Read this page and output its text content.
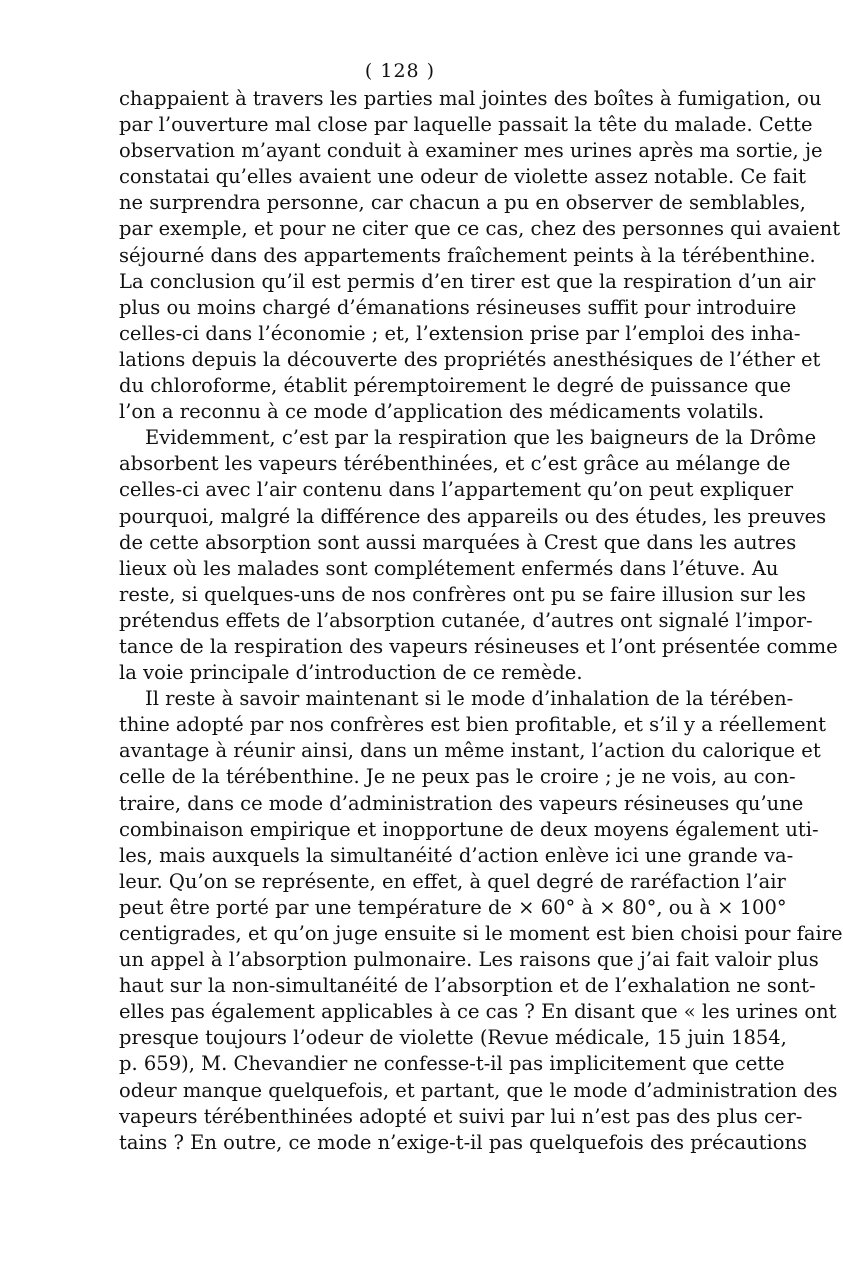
( 128 )
chappaient à travers les parties mal jointes des boîtes à fumigation, ou
par l’ouverture mal close par laquelle passait la tête du malade. Cette
observation m’ayant conduit à examiner mes urines après ma sortie, je
constatai qu’elles avaient une odeur de violette assez notable. Ce fait
ne surprendra personne, car chacun a pu en observer de semblables,
par exemple, et pour ne citer que ce cas, chez des personnes qui avaient
séjourné dans des appartements fraîchement peints à la térébenthine.
La conclusion qu’il est permis d’en tirer est que la respiration d’un air
plus ou moins chargé d’émanations résineuses suffit pour introduire
celles-ci dans l’économie ; et, l’extension prise par l’emploi des inha-
lations depuis la découverte des propriétés anesthésiques de l’éther et
du chloroforme, établit péremptoirement le degré de puissance que
l’on a reconnu à ce mode d’application des médicaments volatils.
Evidemment, c’est par la respiration que les baigneurs de la Drôme
absorbent les vapeurs térébenthinées, et c’est grâce au mélange de
celles-ci avec l’air contenu dans l’appartement qu’on peut expliquer
pourquoi, malgré la différence des appareils ou des études, les preuves
de cette absorption sont aussi marquées à Crest que dans les autres
lieux où les malades sont complétement enfermés dans l’étuve. Au
reste, si quelques-uns de nos confrères ont pu se faire illusion sur les
prétendus effets de l’absorption cutanée, d’autres ont signalé l’impor-
tance de la respiration des vapeurs résineuses et l’ont présentée comme
la voie principale d’introduction de ce remède.
Il reste à savoir maintenant si le mode d’inhalation de la térében-
thine adopté par nos confrères est bien profitable, et s’il y a réellement
avantage à réunir ainsi, dans un même instant, l’action du calorique et
celle de la térébenthine. Je ne peux pas le croire ; je ne vois, au con-
traire, dans ce mode d’administration des vapeurs résineuses qu’une
combinaison empirique et inopportune de deux moyens également uti-
les, mais auxquels la simultanéité d’action enlève ici une grande va-
leur. Qu’on se représente, en effet, à quel degré de raréfaction l’air
peut être porté par une température de × 60° à × 80°, ou à × 100°
centigrades, et qu’on juge ensuite si le moment est bien choisi pour faire
un appel à l’absorption pulmonaire. Les raisons que j’ai fait valoir plus
haut sur la non-simultanéité de l’absorption et de l’exhalation ne sont-
elles pas également applicables à ce cas ? En disant que « les urines ont
presque toujours l’odeur de violette (Revue médicale, 15 juin 1854,
p. 659), M. Chevandier ne confesse-t-il pas implicitement que cette
odeur manque quelquefois, et partant, que le mode d’administration des
vapeurs térébenthinées adopté et suivi par lui n’est pas des plus cer-
tains ? En outre, ce mode n’exige-t-il pas quelquefois des précautions
